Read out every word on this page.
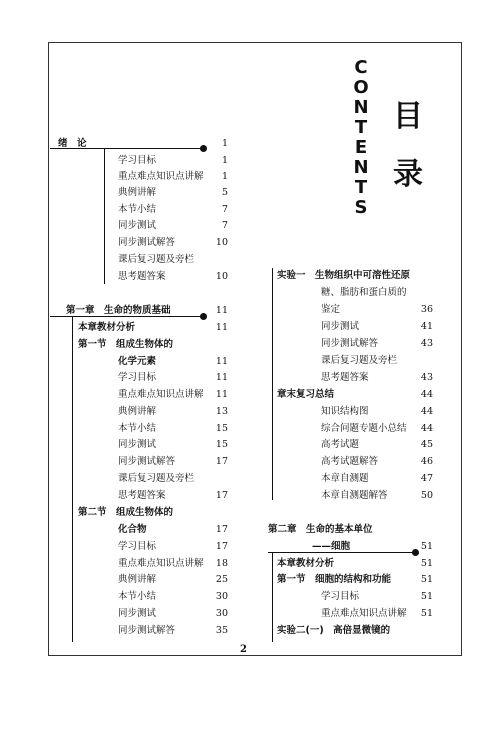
C
O
N
T
E
N
T
S
目
录
绪　论	1
学习目标	1
重点难点知识点讲解	1
典例讲解	5
本节小结	7
同步测试	7
同步测试解答	10
课后复习题及旁栏
思考题答案	10
第一章　生命的物质基础	11
本章教材分析	11
第一节　组成生物体的
化学元素	11
学习目标	11
重点难点知识点讲解	11
典例讲解	13
本节小结	15
同步测试	15
同步测试解答	17
课后复习题及旁栏
思考题答案	17
第二节　组成生物体的
化合物	17
学习目标	17
重点难点知识点讲解	18
典例讲解	25
本节小结	30
同步测试	30
同步测试解答	35
实验一　生物组织中可溶性还原
糖、脂肪和蛋白质的
鉴定	36
同步测试	41
同步测试解答	43
课后复习题及旁栏
思考题答案	43
章末复习总结	44
知识结构图	44
综合问题专题小总结	44
高考试题	45
高考试题解答	46
本章自测题	47
本章自测题解答	50
第二章　生命的基本单位
——细胞	51
本章教材分析	51
第一节　细胞的结构和功能	51
学习目标	51
重点难点知识点讲解	51
实验二(一)　高倍显微镜的
2
